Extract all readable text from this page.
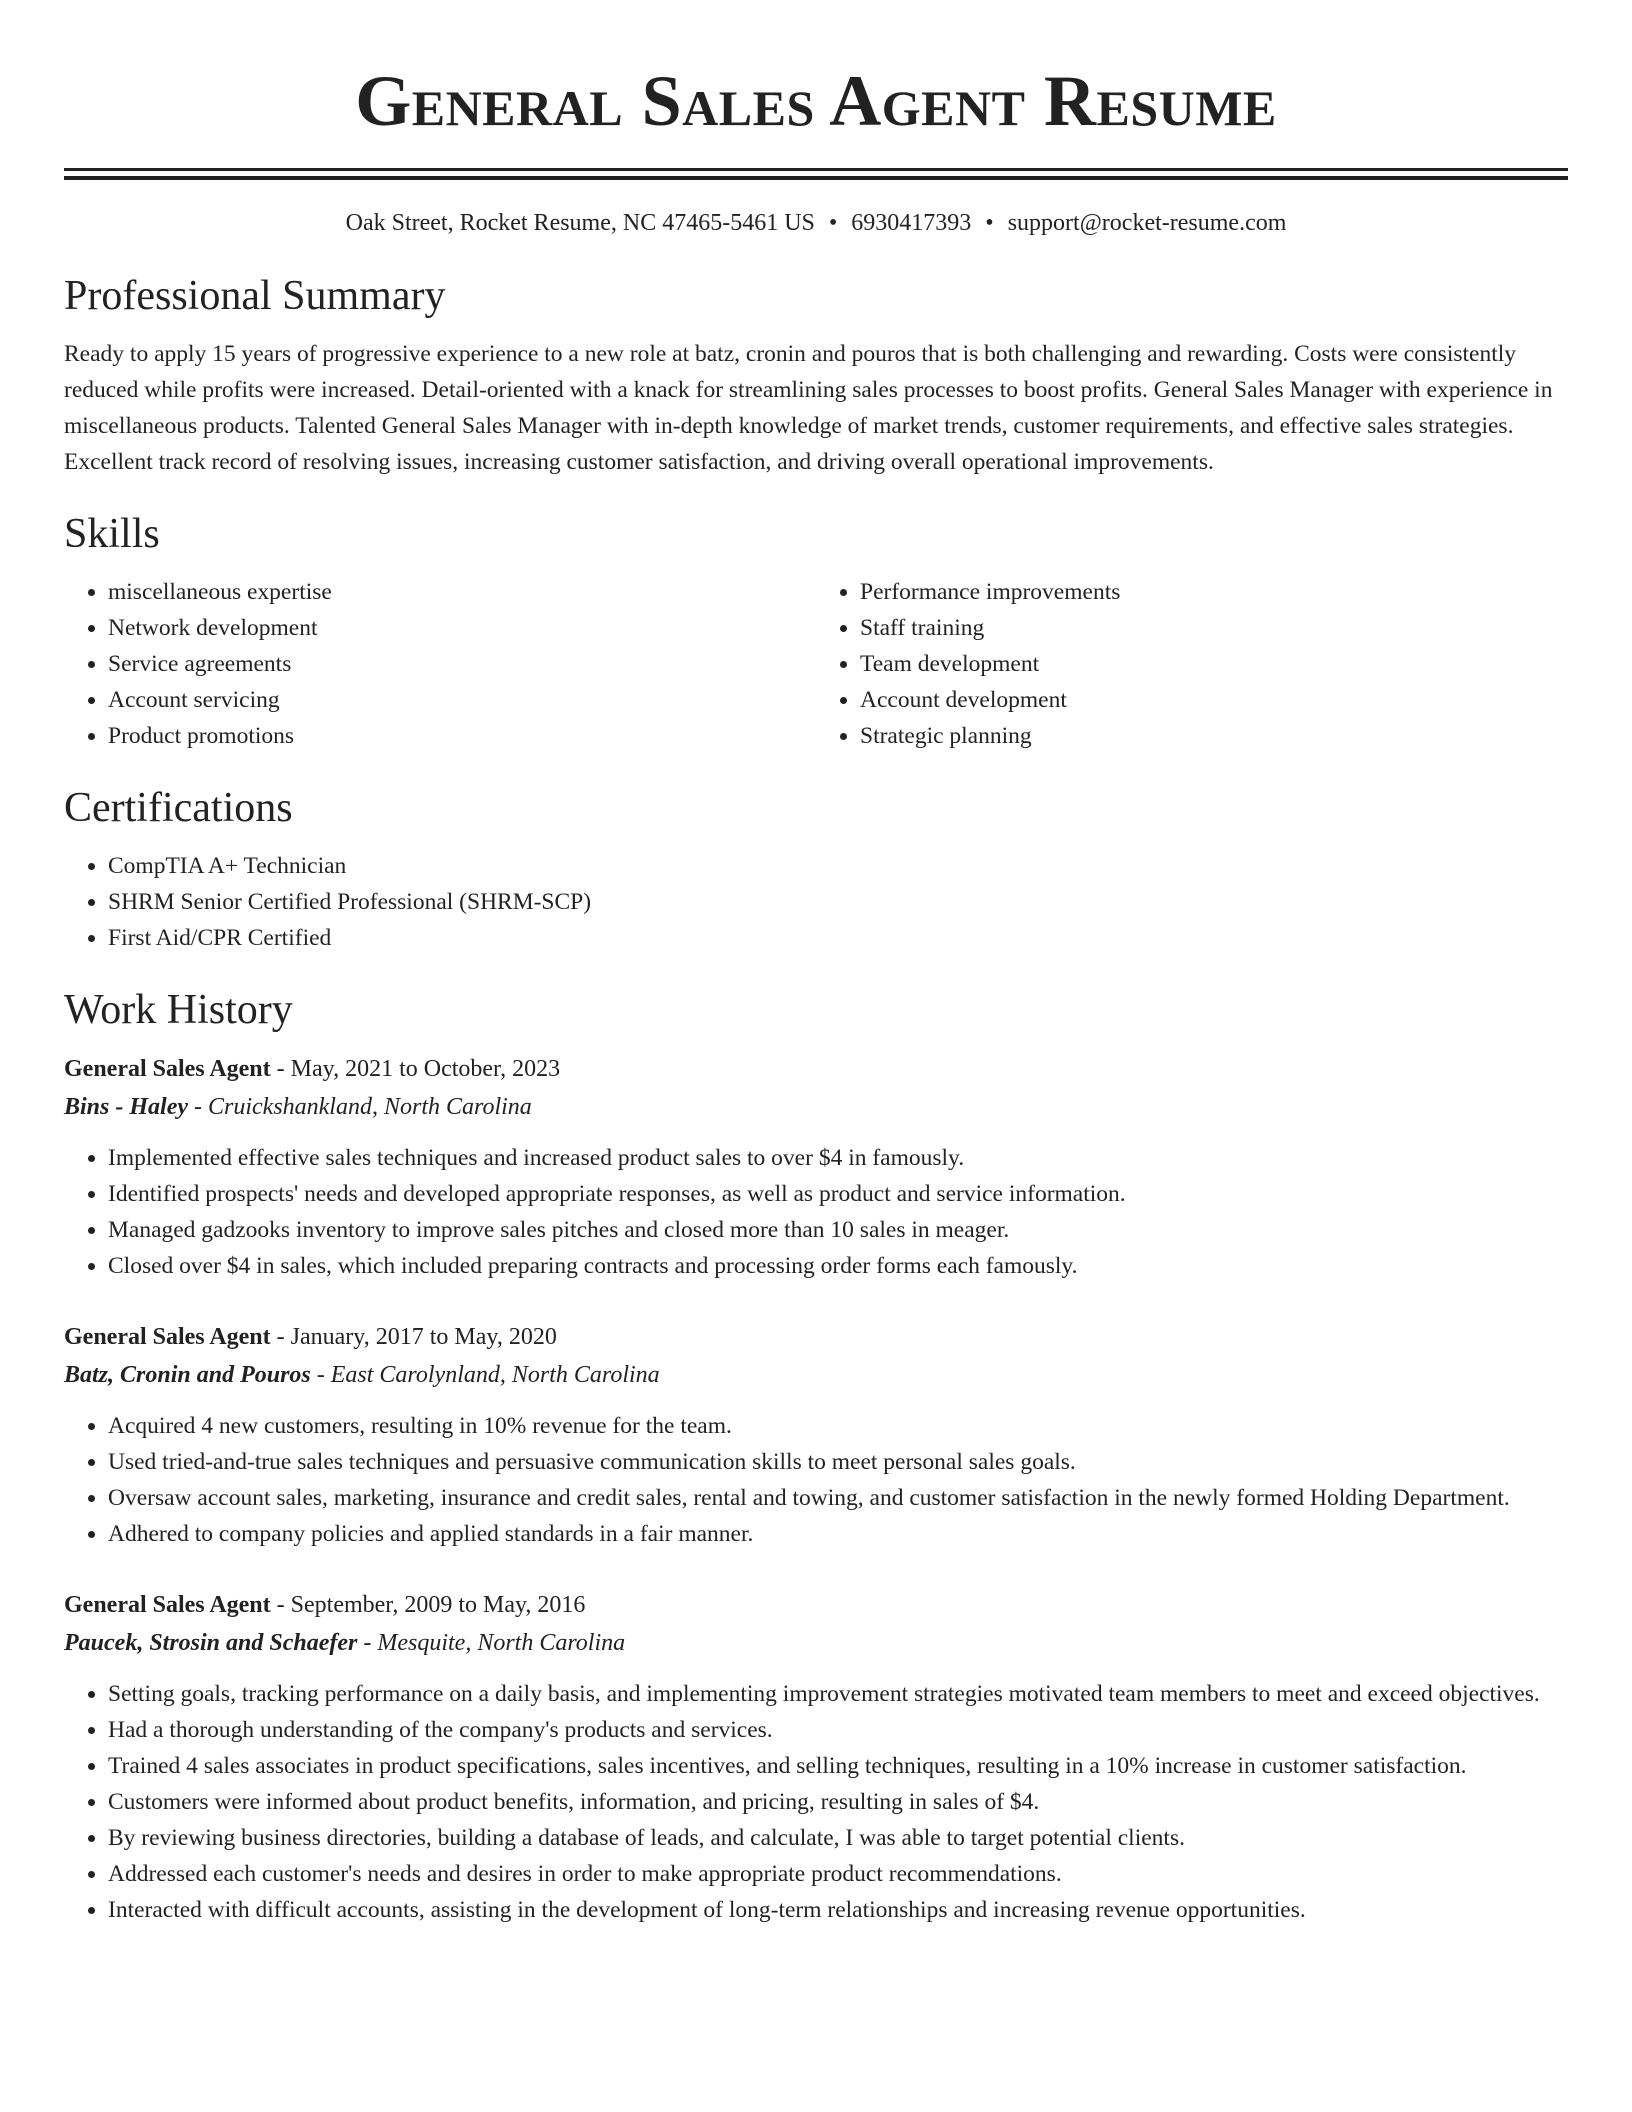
General Sales Agent Resume
Oak Street, Rocket Resume, NC 47465-5461 US • 6930417393 • support@rocket-resume.com
Professional Summary

Ready to apply 15 years of progressive experience to a new role at batz, cronin and pouros that is both challenging and rewarding. Costs were consistently reduced while profits were increased. Detail-oriented with a knack for streamlining sales processes to boost profits. General Sales Manager with experience in miscellaneous products. Talented General Sales Manager with in-depth knowledge of market trends, customer requirements, and effective sales strategies. Excellent track record of resolving issues, increasing customer satisfaction, and driving overall operational improvements.

Skills
• miscellaneous expertise
• Network development
• Service agreements
• Account servicing
• Product promotions
• Performance improvements
• Staff training
• Team development
• Account development
• Strategic planning
Certifications
• CompTIA A+ Technician
• SHRM Senior Certified Professional (SHRM-SCP)
• First Aid/CPR Certified
Work History
General Sales Agent - May, 2021 to October, 2023
Bins - Haley - Cruickshankland, North Carolina
• Implemented effective sales techniques and increased product sales to over $4 in famously.
• Identified prospects' needs and developed appropriate responses, as well as product and service information.
• Managed gadzooks inventory to improve sales pitches and closed more than 10 sales in meager.
• Closed over $4 in sales, which included preparing contracts and processing order forms each famously.
General Sales Agent - January, 2017 to May, 2020
Batz, Cronin and Pouros - East Carolynland, North Carolina
• Acquired 4 new customers, resulting in 10% revenue for the team.
• Used tried-and-true sales techniques and persuasive communication skills to meet personal sales goals.
• Oversaw account sales, marketing, insurance and credit sales, rental and towing, and customer satisfaction in the newly formed Holding Department.
• Adhered to company policies and applied standards in a fair manner.
General Sales Agent - September, 2009 to May, 2016
Paucek, Strosin and Schaefer - Mesquite, North Carolina
• Setting goals, tracking performance on a daily basis, and implementing improvement strategies motivated team members to meet and exceed objectives.
• Had a thorough understanding of the company's products and services.
• Trained 4 sales associates in product specifications, sales incentives, and selling techniques, resulting in a 10% increase in customer satisfaction.
• Customers were informed about product benefits, information, and pricing, resulting in sales of $4.
• By reviewing business directories, building a database of leads, and calculate, I was able to target potential clients.
• Addressed each customer's needs and desires in order to make appropriate product recommendations.
• Interacted with difficult accounts, assisting in the development of long-term relationships and increasing revenue opportunities.
